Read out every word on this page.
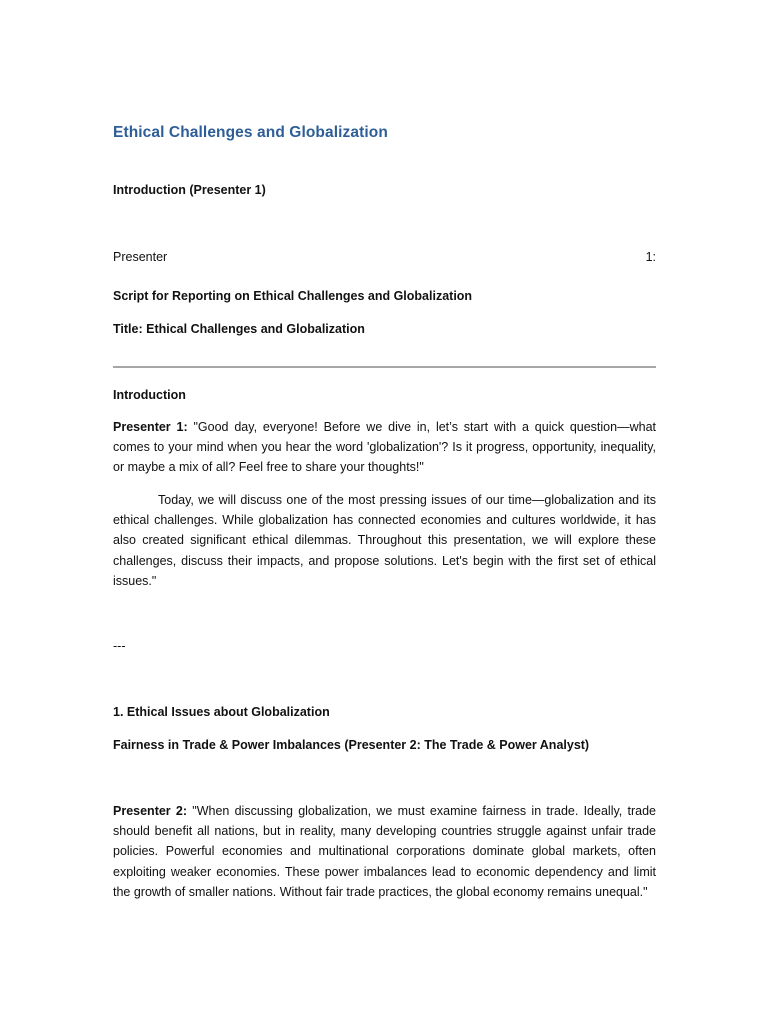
Ethical Challenges and Globalization
Introduction (Presenter 1)
Presenter	1:
Script for Reporting on Ethical Challenges and Globalization
Title: Ethical Challenges and Globalization
Introduction

Presenter 1: "Good day, everyone! Before we dive in, let’s start with a quick question—what comes to your mind when you hear the word 'globalization'? Is it progress, opportunity, inequality, or maybe a mix of all? Feel free to share your thoughts!"

Today, we will discuss one of the most pressing issues of our time—globalization and its ethical challenges. While globalization has connected economies and cultures worldwide, it has also created significant ethical dilemmas. Throughout this presentation, we will explore these challenges, discuss their impacts, and propose solutions. Let's begin with the first set of ethical issues."

---
1. Ethical Issues about Globalization
Fairness in Trade & Power Imbalances (Presenter 2: The Trade & Power Analyst)

Presenter 2: "When discussing globalization, we must examine fairness in trade. Ideally, trade should benefit all nations, but in reality, many developing countries struggle against unfair trade policies. Powerful economies and multinational corporations dominate global markets, often exploiting weaker economies. These power imbalances lead to economic dependency and limit the growth of smaller nations. Without fair trade practices, the global economy remains unequal."
